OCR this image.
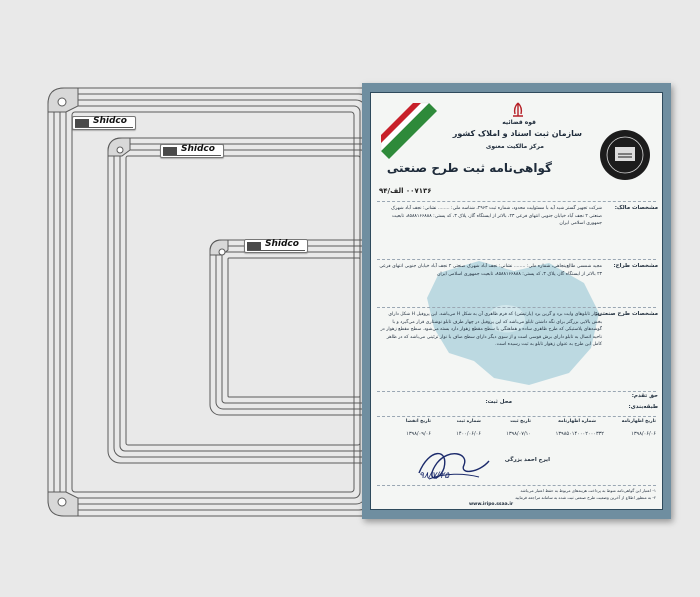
Shidco
Shidco
Shidco
قوه قضائیه
سازمان ثبت اسناد و املاک کشور
مرکز مالکیت معنوی
گواهی‌نامه ثبت طرح صنعتی
۰۰۷۱۳۶ الف/۹۴
مشخصات مالک:
شرکت تجهیز گستر شید آید با مسئولیت محدود، شماره ثبت ۲۹۶۳، شناسه ملی: ........ نشانی: نجف آباد شهرک صنعتی ۲ نجف آباد خیابان جنوبی انتهای فرعی ۲۳، بالاتر از ایستگاه گاز، پلاک ۳، کد پستی: ۸۵۸۸۱۶۶۸۸۸، تابعیت جمهوری اسلامی ایران
مشخصات طراح:
مجید شمسی طالع‌پنجاهی، شماره ملی: ........ نشانی: نجف آباد شهرک صنعتی ۲ نجف آباد خیابان جنوبی انتهای فرعی ۲۳ بالاتر از ایستگاه گاز، پلاک ۳، کد پستی: ۸۵۸۸۱۶۶۸۸۸، تابعیت جمهوری اسلامی ایران
مشخصات طرح صنعتی:
زهوار تابلوهای وایت برد و گرین برد (پارتیشن) که فرم ظاهری آن به شکل H می‌باشد. این پروفیل H شکل دارای بخش بالایی بزرگتر برای نگه داشتن تابلو می‌باشد که این پروفیل در چهار طرف تابلو نوشتاری قرار می‌گیرد و با گوشه‌های پلاستیکی که طرح ظاهری ساده و هماهنگی با سطح مقطع زهوار دارد بسته می‌شود. سطح مقطع زهوار در ناحیه اتصال به تابلو دارای برش قوسی است و از سوی دیگر دارای سطح صاف با نوار تزئینی می‌باشد که در ظاهر کامل این طرح به عنوان زهوار تابلو به ثبت رسیده است.
حق تقدم:
طبقه‌بندی:
محل ثبت:
تاریخ اظهارنامه
شماره اظهارنامه
تاریخ ثبت
شماره ثبت
تاریخ انقضا
۱۳۹۸/۰۶/۰۶
۱۳۹۸۵۰۱۴۰۰۰۲۰۰۰۳۳۲
۱۳۹۸/۰۷/۱۰
۱۴۰۰/۰۶/۰۶
۱۳۹۸/۰۹/۰۶
۹۸/۷/۲۵
ایرج احمد بزرگی
۱- اعتبار این گواهی‌نامه منوط به پرداخت هزینه‌های مربوط به حفظ اعتبار می‌باشد
۲- به منظور اطلاع از آخرین وضعیت طرح صنعتی ثبت شده به سامانه مراجعه فرمایید
www.iripo.ssaa.ir
